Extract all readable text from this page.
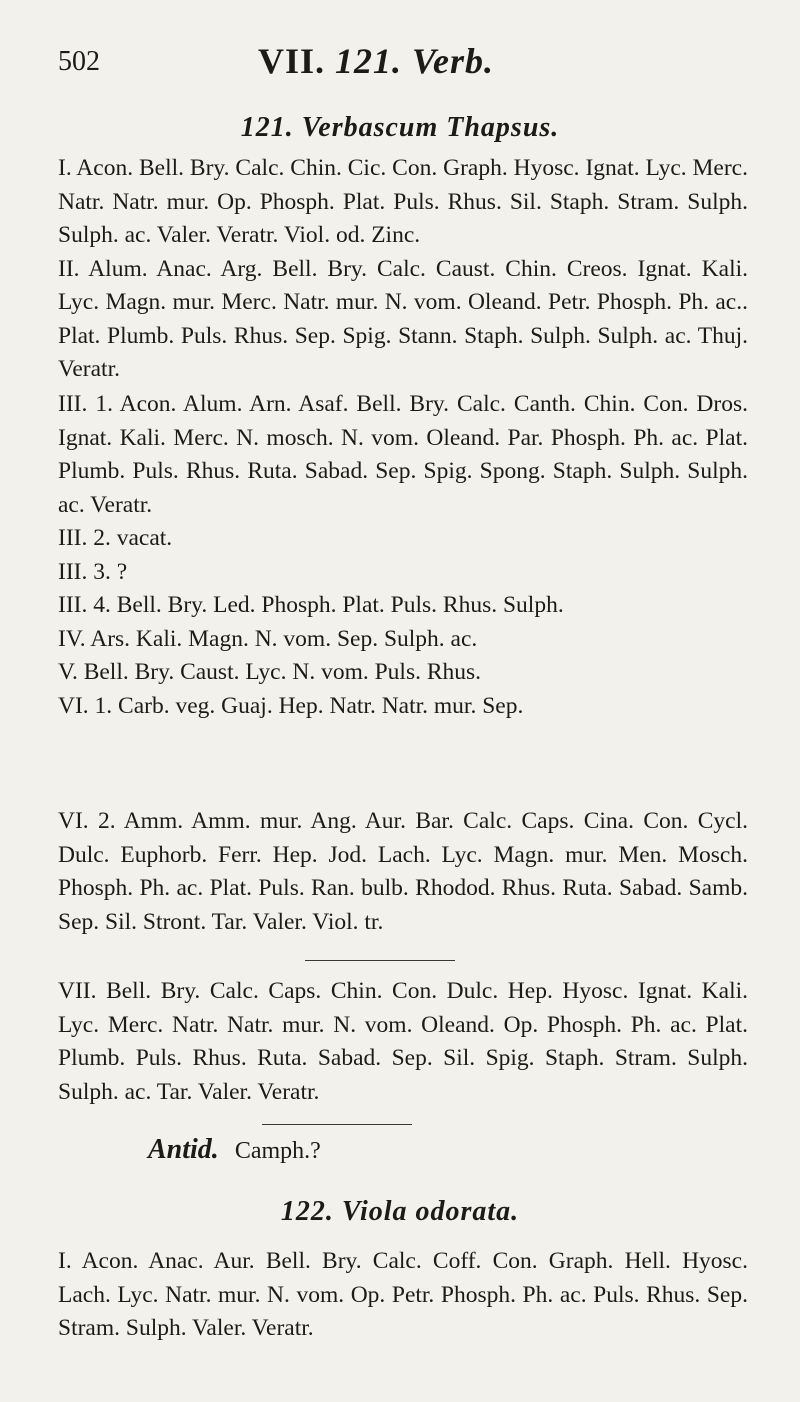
502	VII. 121. Verb.
121. Verbascum Thapsus.

I. Acon. Bell. Bry. Calc. Chin. Cic. Con. Graph. Hyosc. Ignat. Lyc. Merc. Natr. Natr. mur. Op. Phosph. Plat. Puls. Rhus. Sil. Staph. Stram. Sulph. Sulph. ac. Valer. Veratr. Viol. od. Zinc.

II. Alum. Anac. Arg. Bell. Bry. Calc. Caust. Chin. Creos. Ignat. Kali. Lyc. Magn. mur. Merc. Natr. mur. N. vom. Oleand. Petr. Phosph. Ph. ac.. Plat. Plumb. Puls. Rhus. Sep. Spig. Stann. Staph. Sulph. Sulph. ac. Thuj. Veratr.

III. 1. Acon. Alum. Arn. Asaf. Bell. Bry. Calc. Canth. Chin. Con. Dros. Ignat. Kali. Merc. N. mosch. N. vom. Oleand. Par. Phosph. Ph. ac. Plat. Plumb. Puls. Rhus. Ruta. Sabad. Sep. Spig. Spong. Staph. Sulph. Sulph. ac. Veratr.

III. 2. vacat.

III. 3. ?

III. 4. Bell. Bry. Led. Phosph. Plat. Puls. Rhus. Sulph.

IV. Ars. Kali. Magn. N. vom. Sep. Sulph. ac.

V. Bell. Bry. Caust. Lyc. N. vom. Puls. Rhus.

VI. 1. Carb. veg. Guaj. Hep. Natr. Natr. mur. Sep.

VI. 2. Amm. Amm. mur. Ang. Aur. Bar. Calc. Caps. Cina. Con. Cycl. Dulc. Euphorb. Ferr. Hep. Jod. Lach. Lyc. Magn. mur. Men. Mosch. Phosph. Ph. ac. Plat. Puls. Ran. bulb. Rhodod. Rhus. Ruta. Sabad. Samb. Sep. Sil. Stront. Tar. Valer. Viol. tr.

VII. Bell. Bry. Calc. Caps. Chin. Con. Dulc. Hep. Hyosc. Ignat. Kali. Lyc. Merc. Natr. Natr. mur. N. vom. Oleand. Op. Phosph. Ph. ac. Plat. Plumb. Puls. Rhus. Ruta. Sabad. Sep. Sil. Spig. Staph. Stram. Sulph. Sulph. ac. Tar. Valer. Veratr.

Antid. Camph.?
122. Viola odorata.

I. Acon. Anac. Aur. Bell. Bry. Calc. Coff. Con. Graph. Hell. Hyosc. Lach. Lyc. Natr. mur. N. vom. Op. Petr. Phosph. Ph. ac. Puls. Rhus. Sep. Stram. Sulph. Valer. Veratr.
